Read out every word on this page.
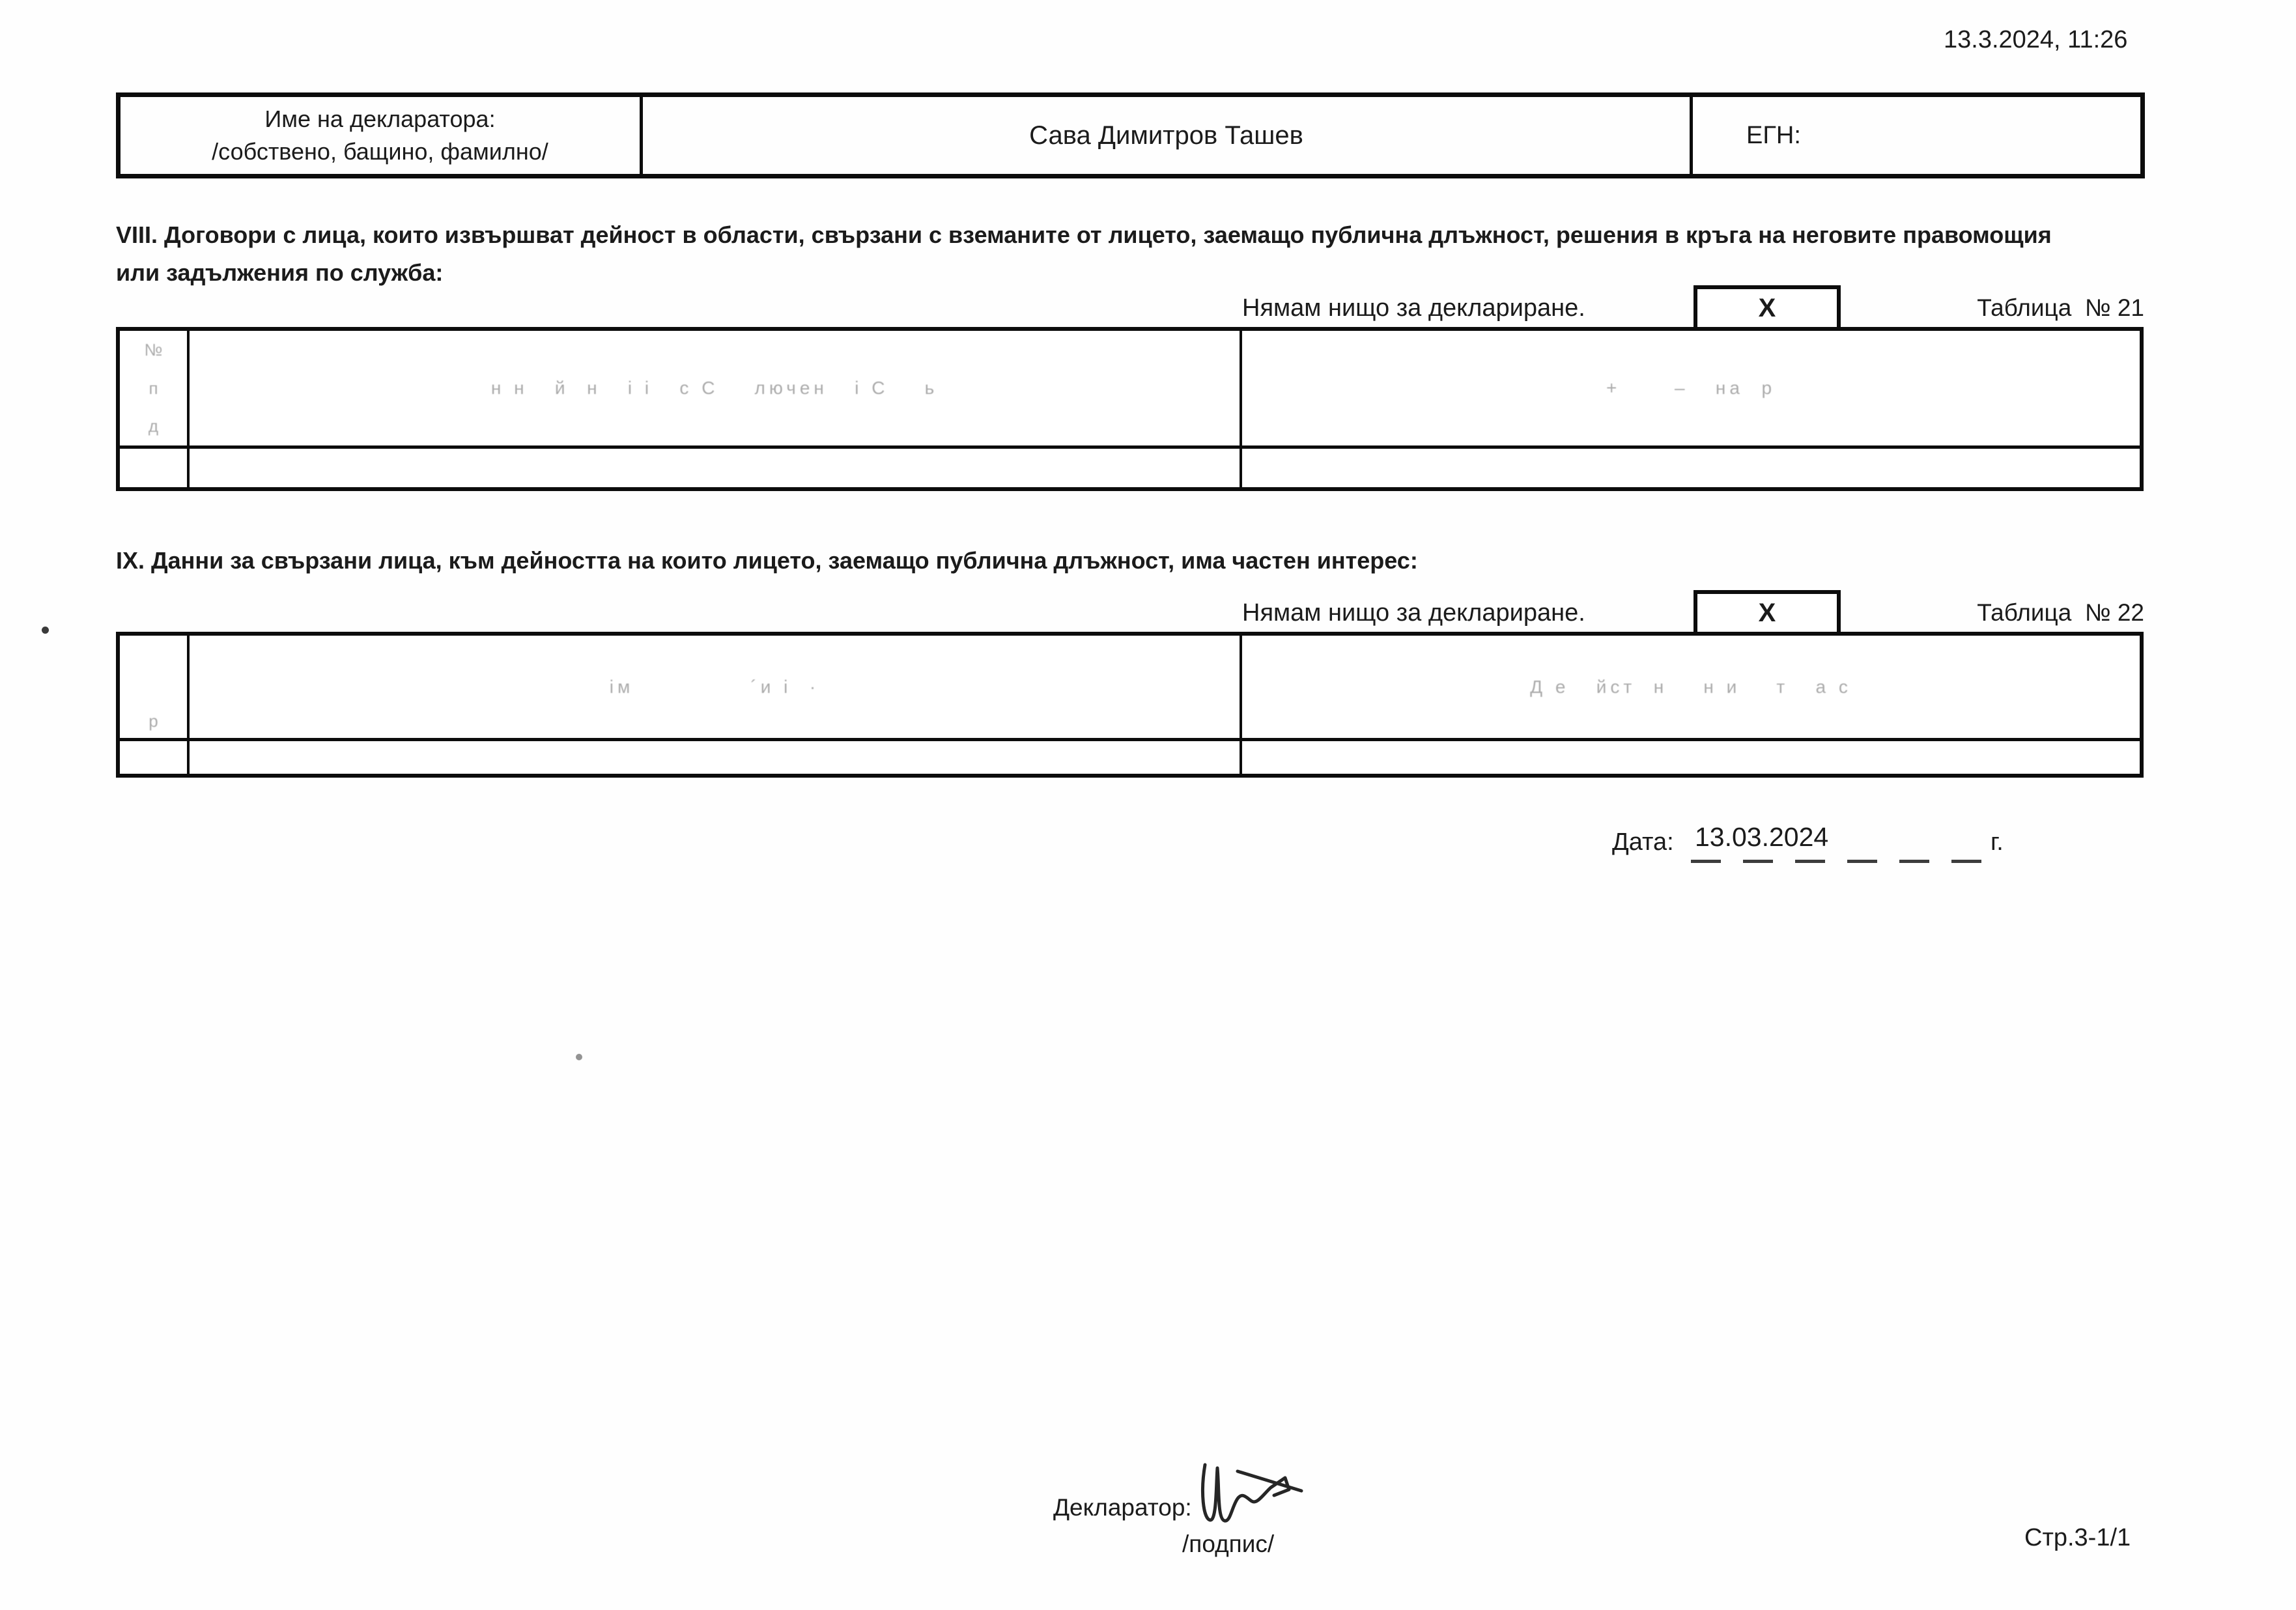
13.3.2024, 11:26
Име на декларатора:
/собствено, бащино, фамилно/
Сава Димитров Ташев	ЕГН:
VIII. Договори с лица, които извършват дейност в области, свързани с вземаните от лицето, заемащо публична длъжност, решения в кръга на неговите правомощия
или задължения по служба:
Нямам нищо за деклариране.	X	Таблица  № 21
№
п
д
н н   й  н   і і   с С    лючен   і С    ь	+      –   на  р
IX. Данни за свързани лица, към дейността на които лицето, заемащо публична длъжност, има частен интерес:
Нямам нищо за деклариране.	X	Таблица  № 22
р
ім             ´и і  ·	Д е   йст  н    н и    т   а с
Дата: 13.03.2024	г.
Декларатор:
/подпис/	Стр.3-1/1
